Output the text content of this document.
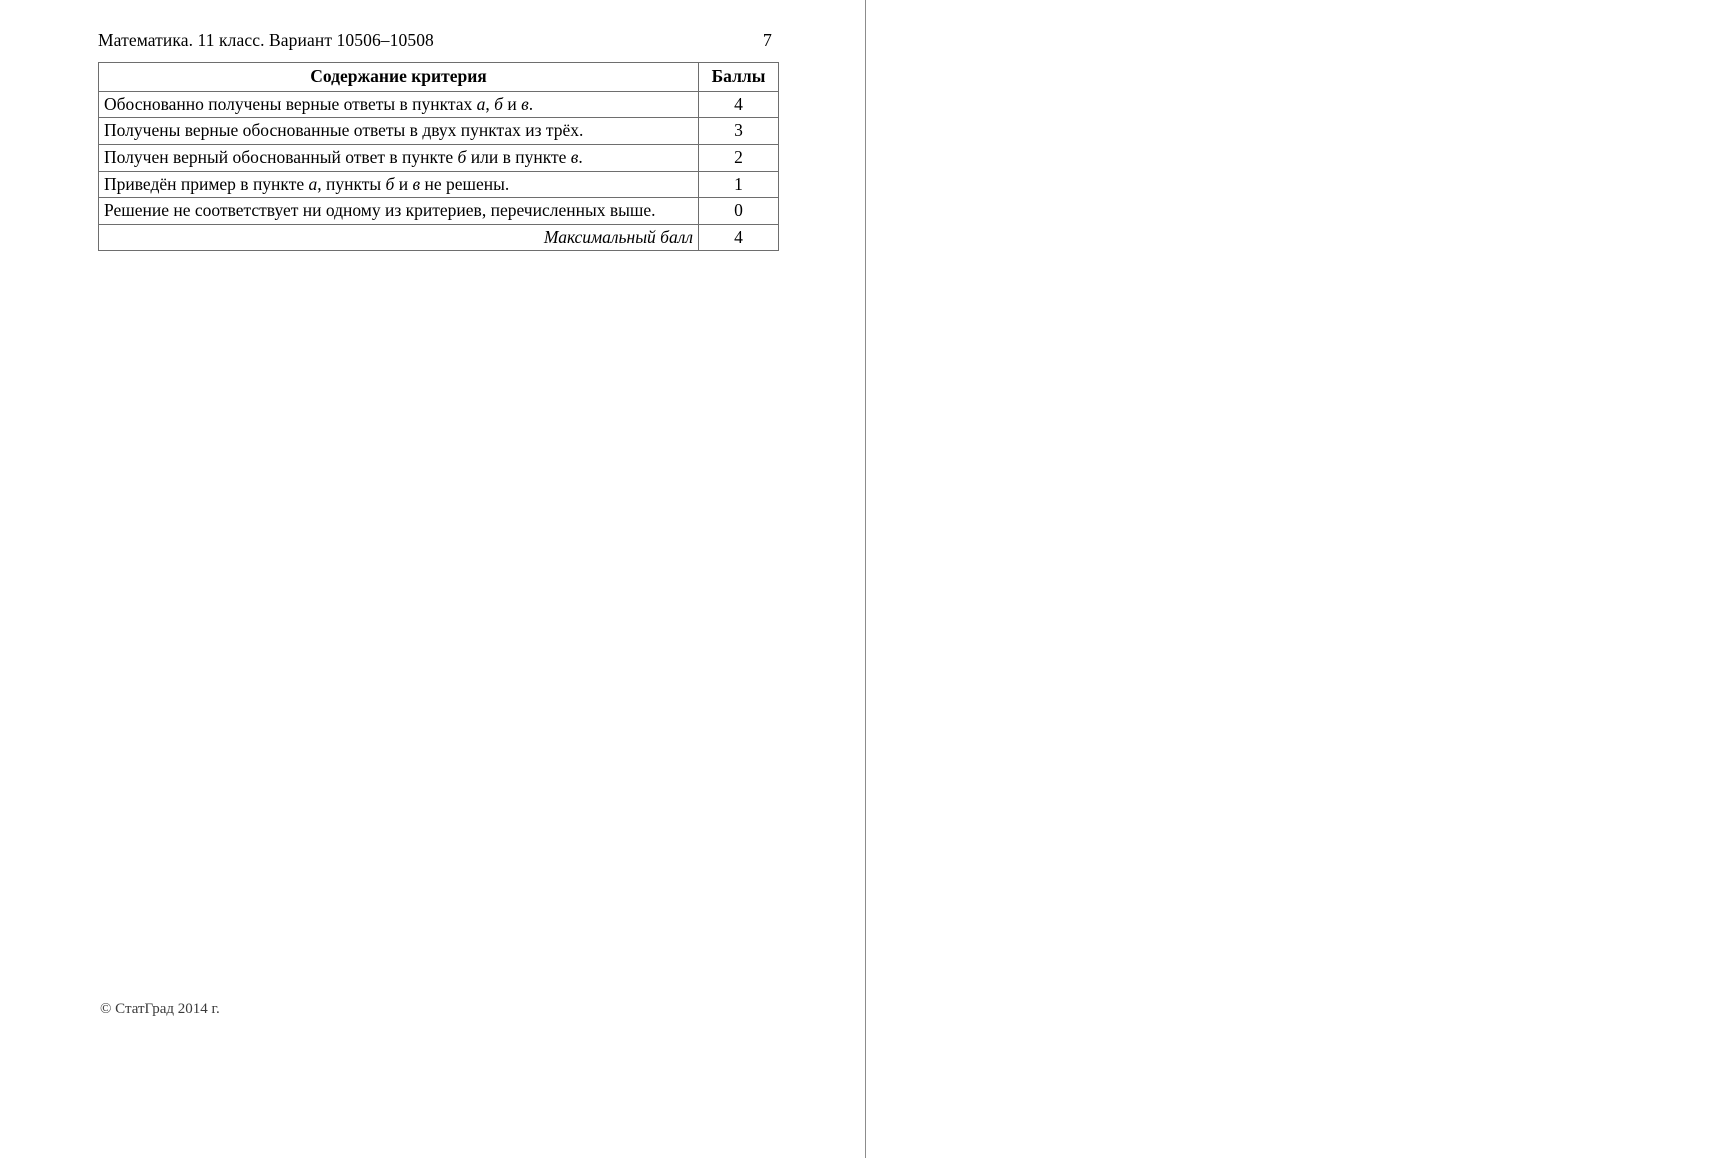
Математика. 11 класс. Вариант 10506–10508	7
Содержание критерия	Баллы
Обоснованно получены верные ответы в пунктах а, б и в.	4
Получены верные обоснованные ответы в двух пунктах из трёх.	3
Получен верный обоснованный ответ в пункте б или в пункте в.	2
Приведён пример в пункте а, пункты б и в не решены.	1
Решение не соответствует ни одному из критериев, перечисленных выше.	0
Максимальный балл	4
© СтатГрад 2014 г.
